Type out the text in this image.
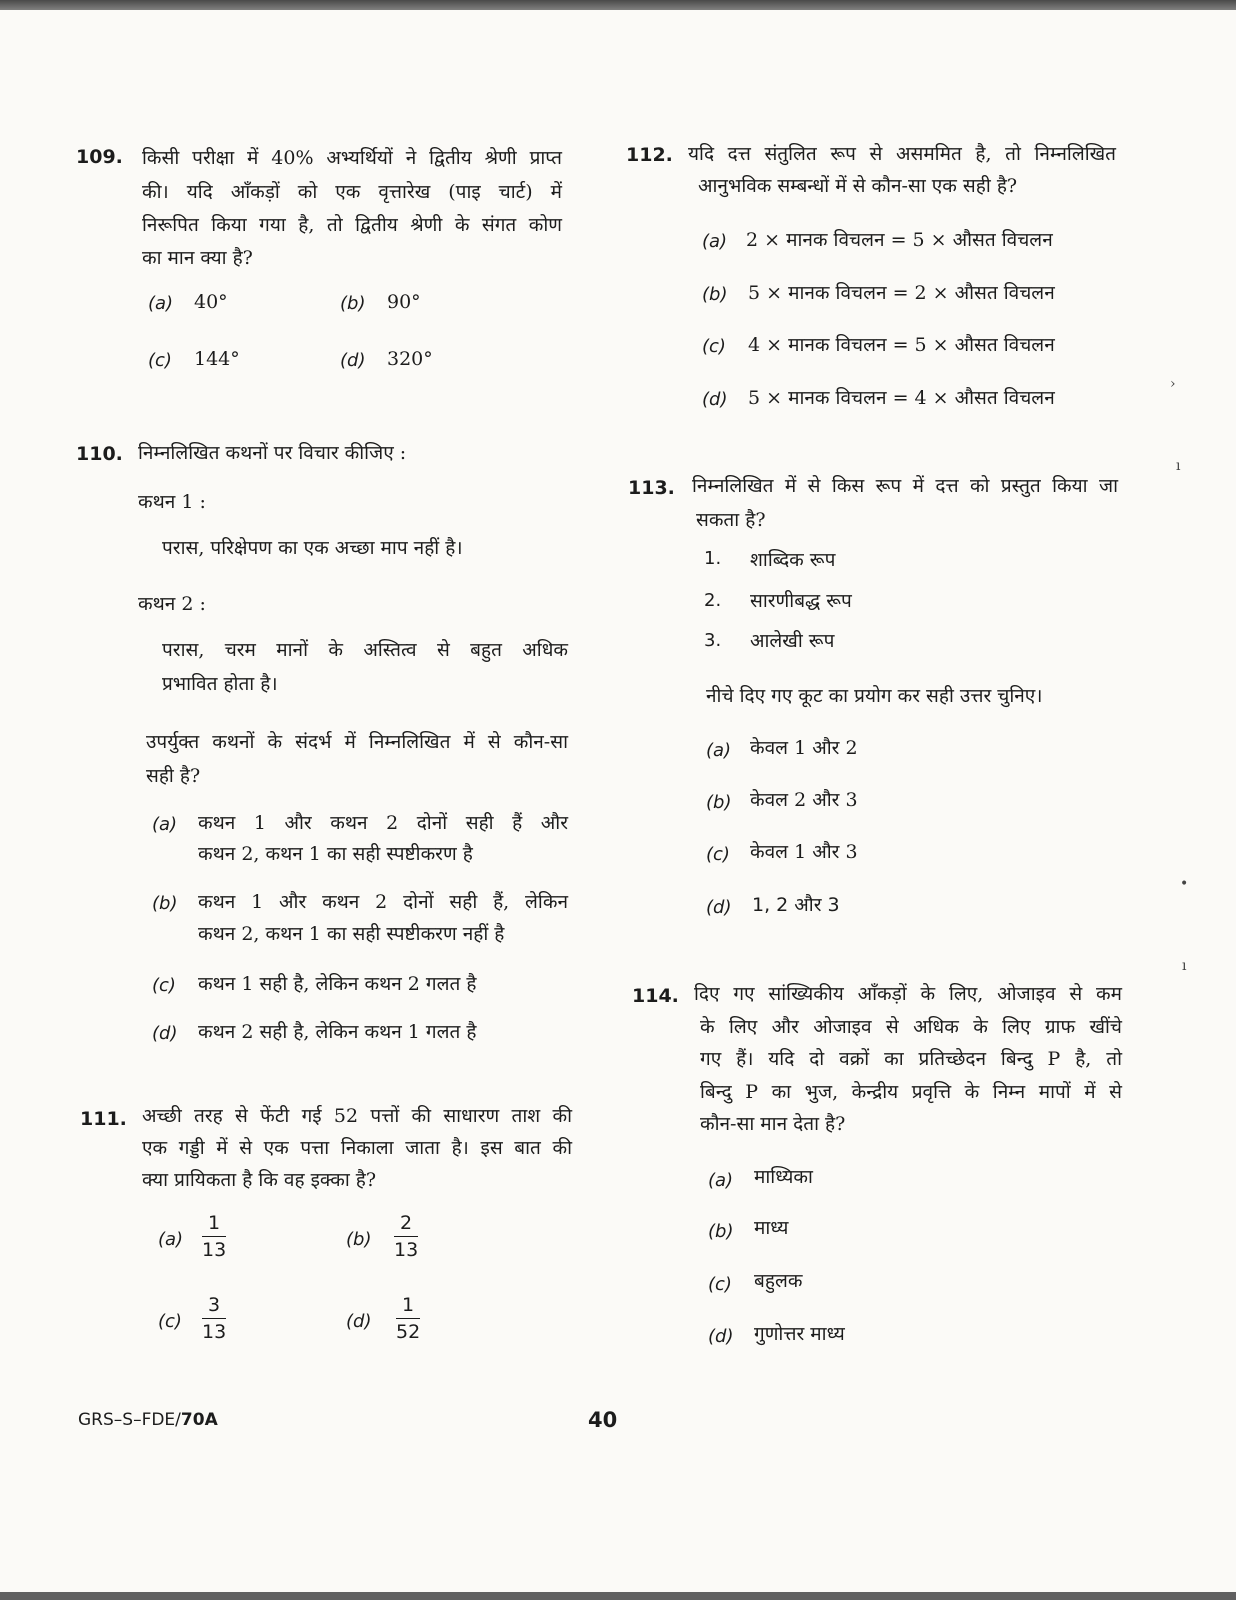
109. किसी परीक्षा में 40% अभ्यर्थियों ने द्वितीय श्रेणी प्राप्त
की। यदि आँकड़ों को एक वृत्तारेख (पाइ चार्ट) में
निरूपित किया गया है, तो द्वितीय श्रेणी के संगत कोण
का मान क्या है?
(a) 40°	(b) 90°
(c) 144°	(d) 320°
110. निम्नलिखित कथनों पर विचार कीजिए :
कथन 1 :
परास, परिक्षेपण का एक अच्छा माप नहीं है।
कथन 2 :
परास, चरम मानों के अस्तित्व से बहुत अधिक
प्रभावित होता है।
उपर्युक्त कथनों के संदर्भ में निम्नलिखित में से कौन-सा
सही है?
(a) कथन 1 और कथन 2 दोनों सही हैं और
कथन 2, कथन 1 का सही स्पष्टीकरण है
(b) कथन 1 और कथन 2 दोनों सही हैं, लेकिन
कथन 2, कथन 1 का सही स्पष्टीकरण नहीं है
(c) कथन 1 सही है, लेकिन कथन 2 गलत है
(d) कथन 2 सही है, लेकिन कथन 1 गलत है
111. अच्छी तरह से फेंटी गई 52 पत्तों की साधारण ताश की
एक गड्डी में से एक पत्ता निकाला जाता है। इस बात की
क्या प्रायिकता है कि वह इक्का है?
$(a) \frac{1}{13}$	$(b) \frac{2}{13}$
$(c) \frac{3}{13}$	$(d) \frac{1}{52}$
112. यदि दत्त संतुलित रूप से असममित है, तो निम्नलिखित
आनुभविक सम्बन्धों में से कौन-सा एक सही है?
(a) 2 × मानक विचलन = 5 × औसत विचलन
(b) 5 × मानक विचलन = 2 × औसत विचलन
(c) 4 × मानक विचलन = 5 × औसत विचलन
(d) 5 × मानक विचलन = 4 × औसत विचलन
113. निम्नलिखित में से किस रूप में दत्त को प्रस्तुत किया जा
सकता है?
1. शाब्दिक रूप
2. सारणीबद्ध रूप
3. आलेखी रूप
नीचे दिए गए कूट का प्रयोग कर सही उत्तर चुनिए।
(a) केवल 1 और 2
(b) केवल 2 और 3
(c) केवल 1 और 3
(d) 1, 2 और 3
114. दिए गए सांख्यिकीय आँकड़ों के लिए, ओजाइव से कम
के लिए और ओजाइव से अधिक के लिए ग्राफ खींचे
गए हैं। यदि दो वक्रों का प्रतिच्छेदन बिन्दु P है, तो
बिन्दु P का भुज, केन्द्रीय प्रवृत्ति के निम्न मापों में से
कौन-सा मान देता है?
(a) माध्यिका
(b) माध्य
(c) बहुलक
(d) गुणोत्तर माध्य
›
ı
•
ı
GRS–S–FDE/70A	40
